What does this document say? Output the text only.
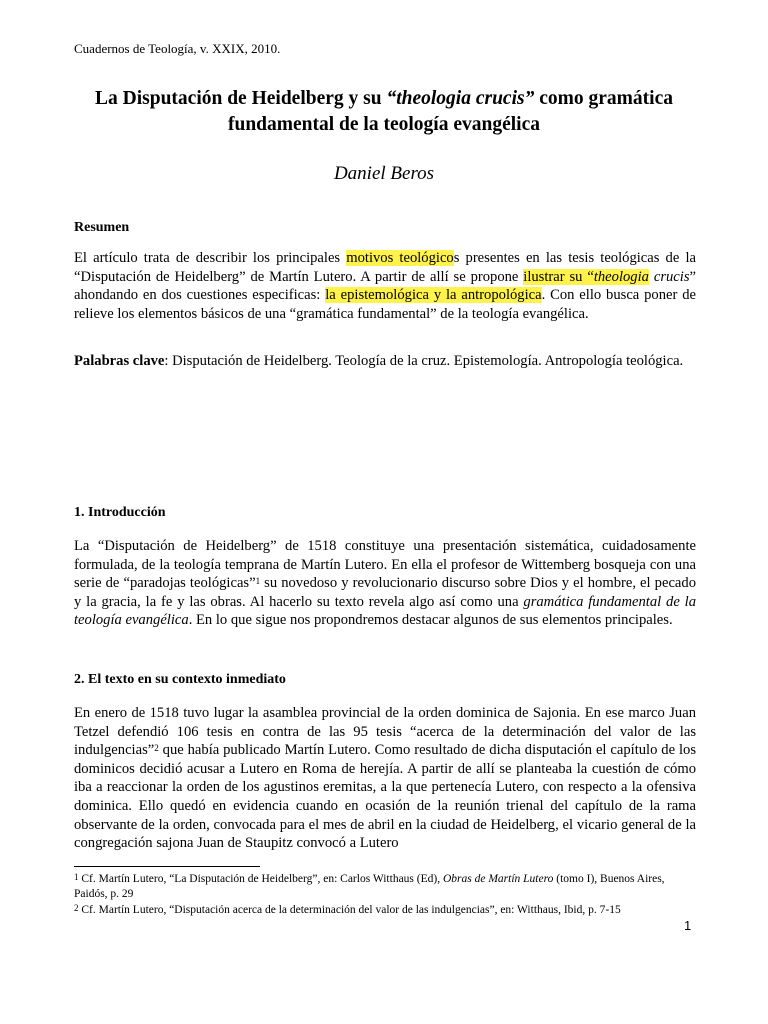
Cuadernos de Teología, v. XXIX, 2010.
La Disputación de Heidelberg y su “theologia crucis” como gramática fundamental de la teología evangélica
Daniel Beros
Resumen
El artículo trata de describir los principales motivos teológicos presentes en las tesis teológicas de la “Disputación de Heidelberg” de Martín Lutero. A partir de allí se propone ilustrar su “theologia crucis” ahondando en dos cuestiones especificas: la epistemológica y la antropológica. Con ello busca poner de relieve los elementos básicos de una “gramática fundamental” de la teología evangélica.
Palabras clave: Disputación de Heidelberg. Teología de la cruz. Epistemología. Antropología teológica.
1. Introducción
La “Disputación de Heidelberg” de 1518 constituye una presentación sistemática, cuidadosamente formulada, de la teología temprana de Martín Lutero. En ella el profesor de Wittemberg bosqueja con una serie de “paradojas teológicas”$^1$ su novedoso y revolucionario discurso sobre Dios y el hombre, el pecado y la gracia, la fe y las obras. Al hacerlo su texto revela algo así como una gramática fundamental de la teología evangélica. En lo que sigue nos propondremos destacar algunos de sus elementos principales.
2. El texto en su contexto inmediato
En enero de 1518 tuvo lugar la asamblea provincial de la orden dominica de Sajonia. En ese marco Juan Tetzel defendió 106 tesis en contra de las 95 tesis “acerca de la determinación del valor de las indulgencias”$^2$ que había publicado Martín Lutero. Como resultado de dicha disputación el capítulo de los dominicos decidió acusar a Lutero en Roma de herejía. A partir de allí se planteaba la cuestión de cómo iba a reaccionar la orden de los agustinos eremitas, a la que pertenecía Lutero, con respecto a la ofensiva dominica. Ello quedó en evidencia cuando en ocasión de la reunión trienal del capítulo de la rama observante de la orden, convocada para el mes de abril en la ciudad de Heidelberg, el vicario general de la congregación sajona Juan de Staupitz convocó a Lutero
$^1$ Cf. Martín Lutero, “La Disputación de Heidelberg”, en: Carlos Witthaus (Ed), Obras de Martín Lutero (tomo I), Buenos Aires, Paidós, p. 29
$^2$ Cf. Martín Lutero, “Disputación acerca de la determinación del valor de las indulgencias”, en: Witthaus, Ibid, p. 7-15
1
